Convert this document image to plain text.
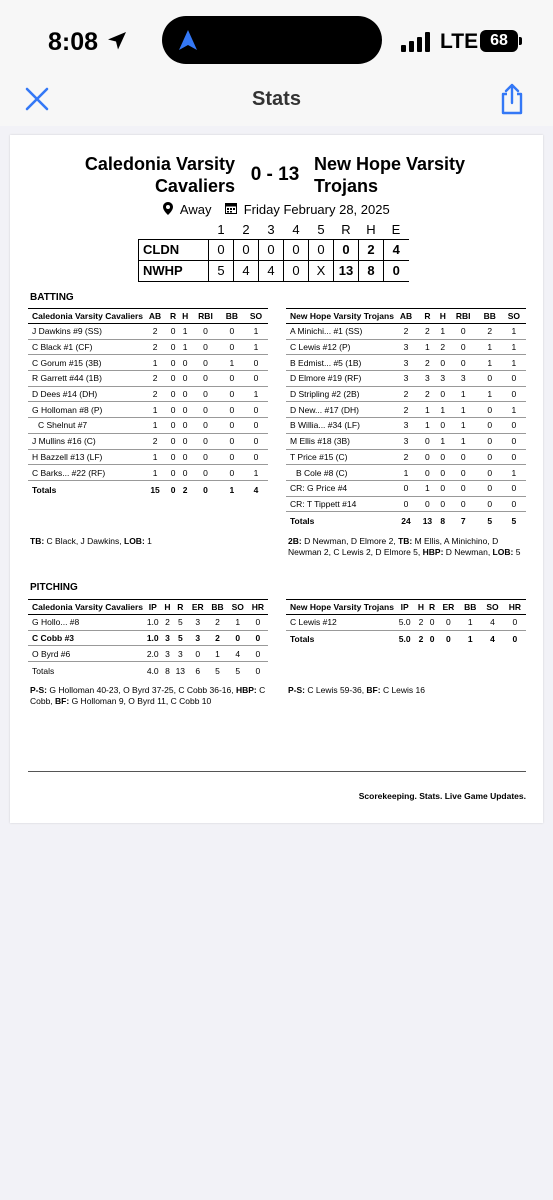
8:08	LTE 68
Stats
Caledonia Varsity
Cavaliers
0 - 13 New Hope Varsity
Trojans
Away Friday February 28, 2025
	1	2	3	4	5	R	H	E
CLDN	0	0	0	0	0	0	2	4
NWHP	5	4	4	0	X	13	8	0
BATTING
Caledonia Varsity Cavaliers	AB	R	H	RBI	BB	SO
J Dawkins #9 (SS)	2	0	1	0	0	1
C Black #1 (CF)	2	0	1	0	0	1
C Gorum #15 (3B)	1	0	0	0	1	0
R Garrett #44 (1B)	2	0	0	0	0	0
D Dees #14 (DH)	2	0	0	0	0	1
G Holloman #8 (P)	1	0	0	0	0	0
C Shelnut #7	1	0	0	0	0	0
J Mullins #16 (C)	2	0	0	0	0	0
H Bazzell #13 (LF)	1	0	0	0	0	0
C Barks... #22 (RF)	1	0	0	0	0	1
Totals	15	0	2	0	1	4
New Hope Varsity Trojans	AB	R	H	RBI	BB	SO
A Minichi... #1 (SS)	2	2	1	0	2	1
C Lewis #12 (P)	3	1	2	0	1	1
B Edmist... #5 (1B)	3	2	0	0	1	1
D Elmore #19 (RF)	3	3	3	3	0	0
D Stripling #2 (2B)	2	2	0	1	1	0
D New... #17 (DH)	2	1	1	1	0	1
B Willia... #34 (LF)	3	1	0	1	0	0
M Ellis #18 (3B)	3	0	1	1	0	0
T Price #15 (C)	2	0	0	0	0	0
B Cole #8 (C)	1	0	0	0	0	1
CR: G Price #4	0	1	0	0	0	0
CR: T Tippett #14	0	0	0	0	0	0
Totals	24	13	8	7	5	5
TB: C Black, J Dawkins, LOB: 1	2B: D Newman, D Elmore 2, TB: M Ellis, A Minichino, D Newman 2, C Lewis 2, D Elmore 5, HBP: D Newman, LOB: 5
PITCHING
Caledonia Varsity Cavaliers	IP	H	R	ER	BB	SO	HR
G Hollo... #8	1.0	2	5	3	2	1	0
C Cobb #3	1.0	3	5	3	2	0	0
O Byrd #6	2.0	3	3	0	1	4	0
Totals	4.0	8	13	6	5	5	0
New Hope Varsity Trojans	IP	H	R	ER	BB	SO	HR
C Lewis #12	5.0	2	0	0	1	4	0
Totals	5.0	2	0	0	1	4	0
P-S: G Holloman 40-23, O Byrd 37-25, C Cobb 36-16, HBP: C Cobb, BF: G Holloman 9, O Byrd 11, C Cobb 10
P-S: C Lewis 59-36, BF: C Lewis 16
Scorekeeping. Stats. Live Game Updates.
